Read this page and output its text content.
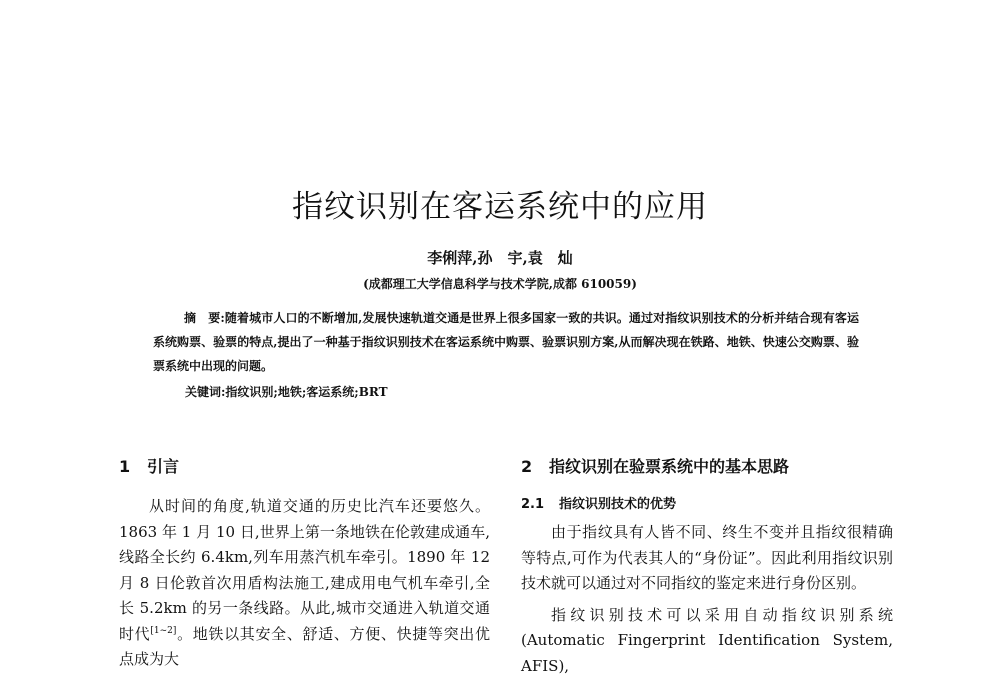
指纹识别在客运系统中的应用
李俐萍,孙　宇,袁　灿
(成都理工大学信息科学与技术学院,成都 610059)
摘　要:随着城市人口的不断增加,发展快速轨道交通是世界上很多国家一致的共识。通过对指纹识别技术的分析并结合现有客运系统购票、验票的特点,提出了一种基于指纹识别技术在客运系统中购票、验票识别方案,从而解决现在铁路、地铁、快速公交购票、验票系统中出现的问题。
关键词:指纹识别;地铁;客运系统;BRT
1 引言

从时间的角度,轨道交通的历史比汽车还要悠久。1863 年 1 月 10 日,世界上第一条地铁在伦敦建成通车,线路全长约 6.4km,列车用蒸汽机车牵引。1890 年 12 月 8 日伦敦首次用盾构法施工,建成用电气机车牵引,全长 5.2km 的另一条线路。从此,城市交通进入轨道交通时代[1~2]。地铁以其安全、舒适、方便、快捷等突出优点成为大

2 指纹识别在验票系统中的基本思路
2.1 指纹识别技术的优势

由于指纹具有人皆不同、终生不变并且指纹很精确等特点,可作为代表其人的“身份证”。因此利用指纹识别技术就可以通过对不同指纹的鉴定来进行身份区别。

指纹识别技术可以采用自动指纹识别系统(Automatic Fingerprint Identification System, AFIS),
